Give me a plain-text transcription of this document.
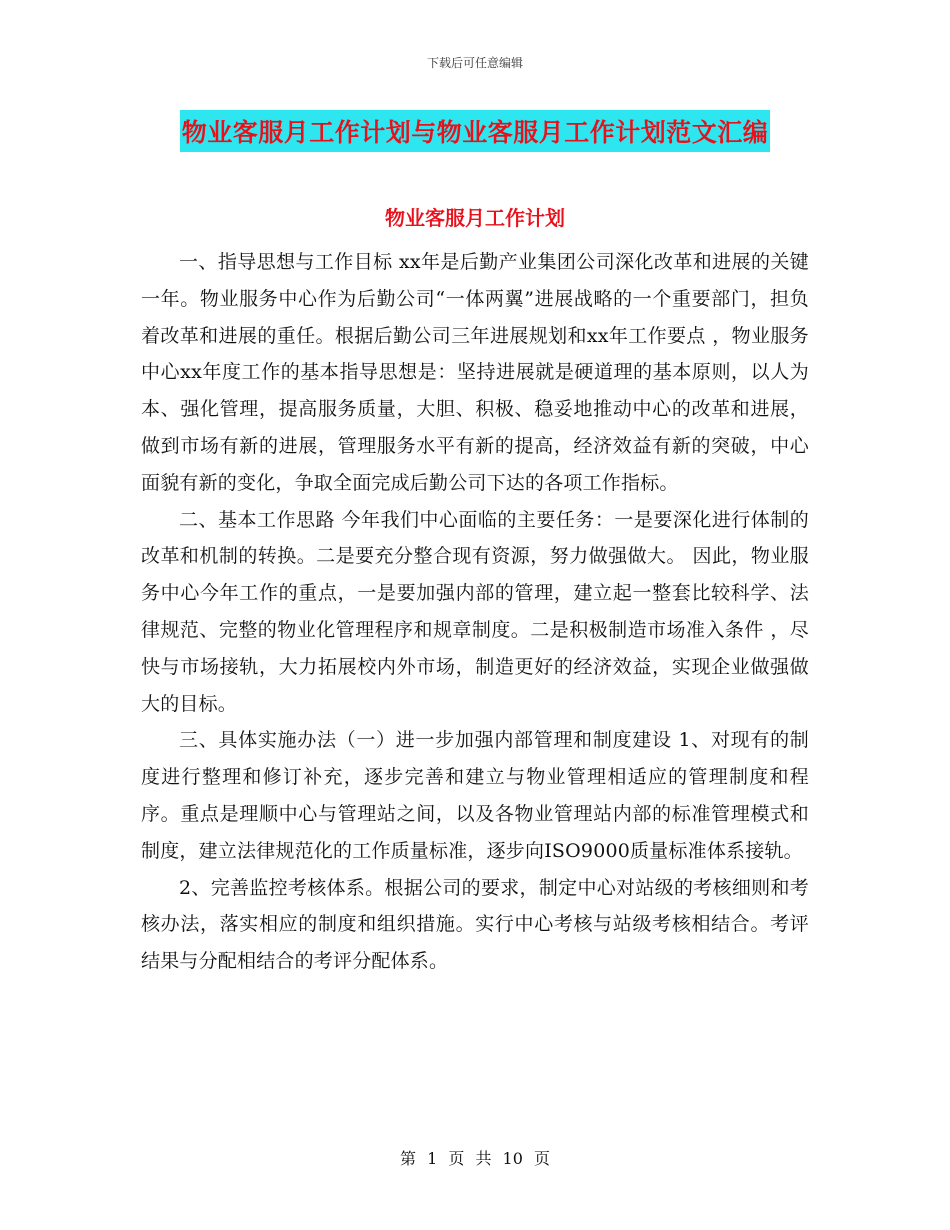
下载后可任意编辑
物业客服月工作计划与物业客服月工作计划范文汇编
物业客服月工作计划

一、指导思想与工作目标 xx年是后勤产业集团公司深化改革和进展的关键一年。物业服务中心作为后勤公司“一体两翼”进展战略的一个重要部门，担负着改革和进展的重任。根据后勤公司三年进展规划和xx年工作要点 ，物业服务中心xx年度工作的基本指导思想是：坚持进展就是硬道理的基本原则，以人为本、强化管理，提高服务质量，大胆、积极、稳妥地推动中心的改革和进展，做到市场有新的进展，管理服务水平有新的提高，经济效益有新的突破，中心面貌有新的变化，争取全面完成后勤公司下达的各项工作指标。

二、基本工作思路 今年我们中心面临的主要任务：一是要深化进行体制的改革和机制的转换。二是要充分整合现有资源，努力做强做大。 因此，物业服务中心今年工作的重点，一是要加强内部的管理，建立起一整套比较科学、法律规范、完整的物业化管理程序和规章制度。二是积极制造市场准入条件 ，尽快与市场接轨，大力拓展校内外市场，制造更好的经济效益，实现企业做强做大的目标。

三、具体实施办法（一）进一步加强内部管理和制度建设 1、对现有的制度进行整理和修订补充，逐步完善和建立与物业管理相适应的管理制度和程序。重点是理顺中心与管理站之间，以及各物业管理站内部的标准管理模式和制度，建立法律规范化的工作质量标准，逐步向ISO9000质量标准体系接轨。

2、完善监控考核体系。根据公司的要求，制定中心对站级的考核细则和考核办法，落实相应的制度和组织措施。实行中心考核与站级考核相结合。考评结果与分配相结合的考评分配体系。

第 1 页 共 10 页
